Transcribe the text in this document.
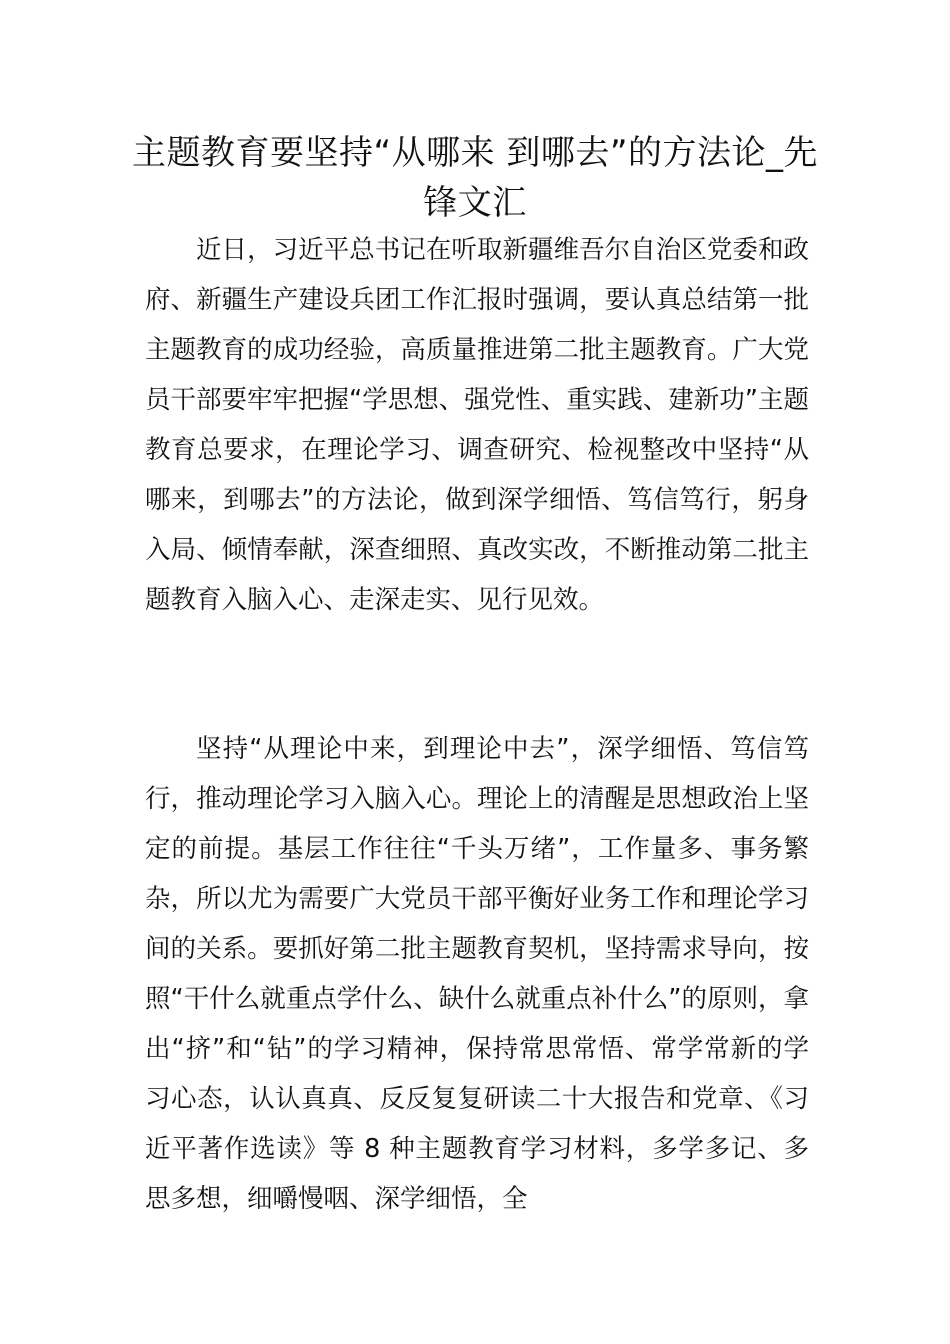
主题教育要坚持“从哪来 到哪去”的方法论_先锋文汇

近日，习近平总书记在听取新疆维吾尔自治区党委和政府、新疆生产建设兵团工作汇报时强调，要认真总结第一批主题教育的成功经验，高质量推进第二批主题教育。广大党员干部要牢牢把握“学思想、强党性、重实践、建新功”主题教育总要求，在理论学习、调查研究、检视整改中坚持“从哪来，到哪去”的方法论，做到深学细悟、笃信笃行，躬身入局、倾情奉献，深查细照、真改实改，不断推动第二批主题教育入脑入心、走深走实、见行见效。

坚持“从理论中来，到理论中去”，深学细悟、笃信笃行，推动理论学习入脑入心。理论上的清醒是思想政治上坚定的前提。基层工作往往“千头万绪”，工作量多、事务繁杂，所以尤为需要广大党员干部平衡好业务工作和理论学习间的关系。要抓好第二批主题教育契机，坚持需求导向，按照“干什么就重点学什么、缺什么就重点补什么”的原则，拿出“挤”和“钻”的学习精神，保持常思常悟、常学常新的学习心态，认认真真、反反复复研读二十大报告和党章、《习近平著作选读》等 8 种主题教育学习材料，多学多记、多思多想，细嚼慢咽、深学细悟，全
